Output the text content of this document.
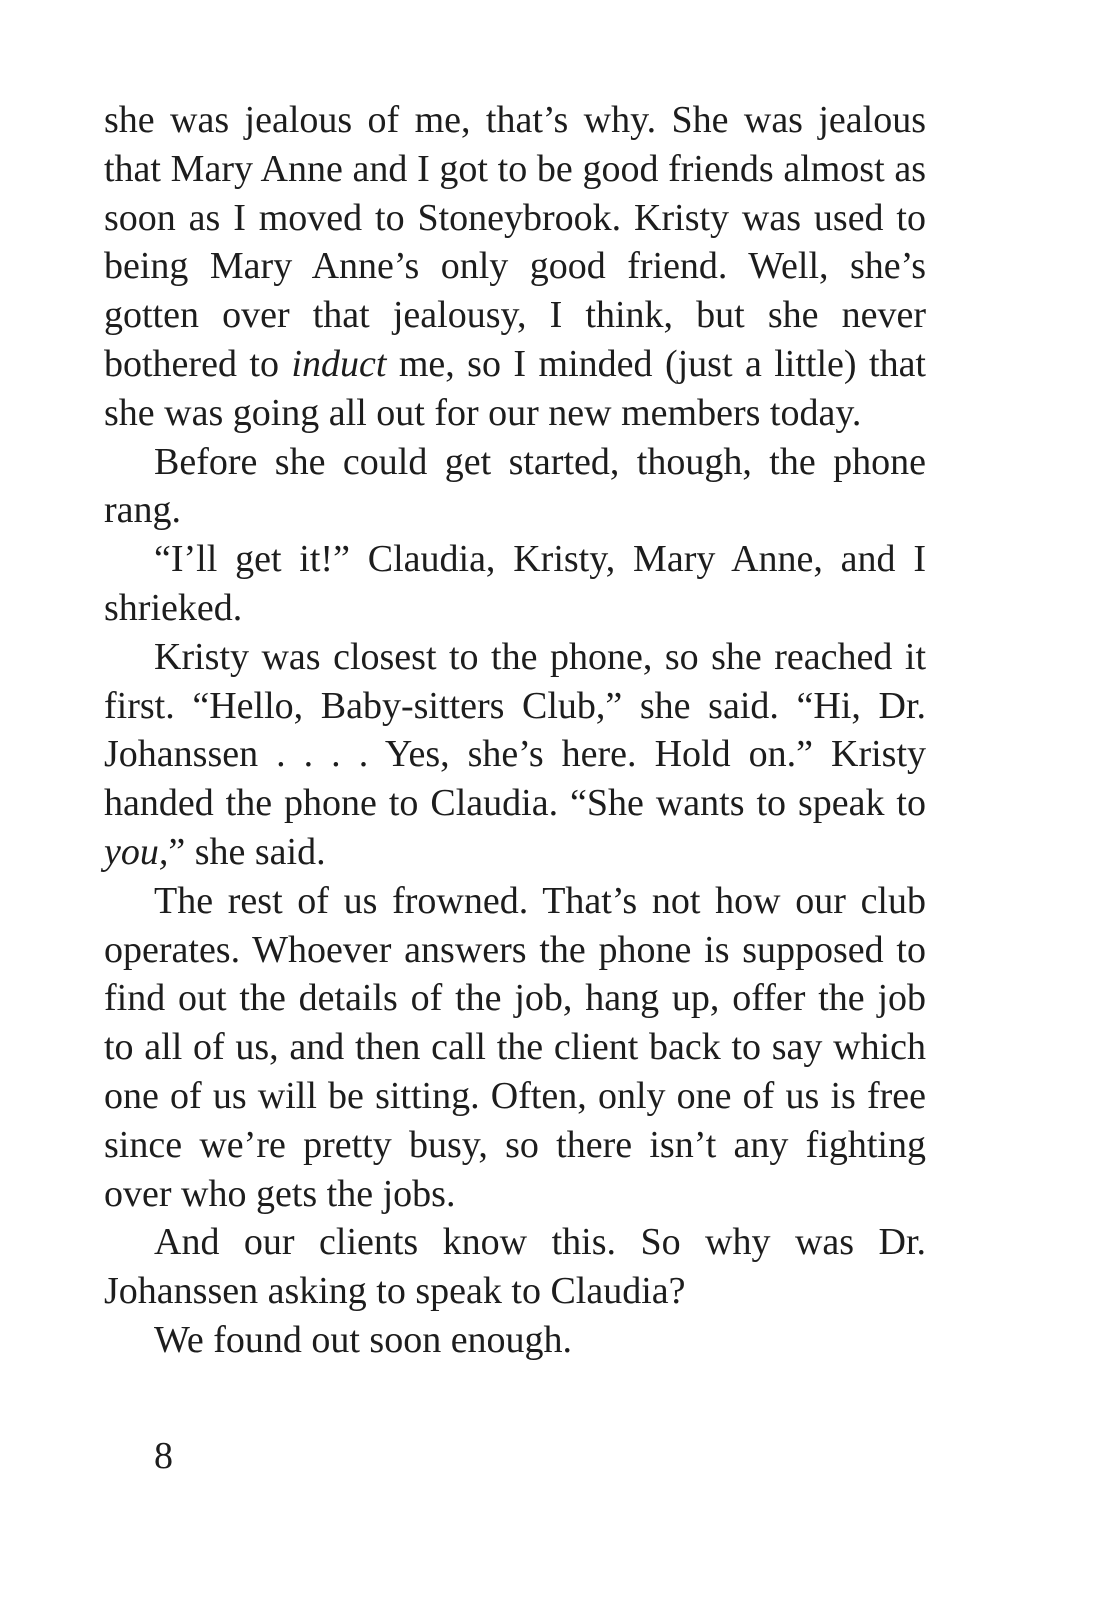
she was jealous of me, that’s why. She was jealous that Mary Anne and I got to be good friends almost as soon as I moved to Stoneybrook. Kristy was used to being Mary Anne’s only good friend. Well, she’s gotten over that jealousy, I think, but she never bothered to induct me, so I minded (just a little) that she was going all out for our new members today.

Before she could get started, though, the phone rang.

“I’ll get it!” Claudia, Kristy, Mary Anne, and I shrieked.

Kristy was closest to the phone, so she reached it first. “Hello, Baby-sitters Club,” she said. “Hi, Dr. Johanssen . . . . Yes, she’s here. Hold on.” Kristy handed the phone to Claudia. “She wants to speak to you,” she said.

The rest of us frowned. That’s not how our club operates. Whoever answers the phone is supposed to find out the details of the job, hang up, offer the job to all of us, and then call the client back to say which one of us will be sitting. Often, only one of us is free since we’re pretty busy, so there isn’t any fighting over who gets the jobs.

And our clients know this. So why was Dr. Johanssen asking to speak to Claudia?

We found out soon enough.

8
